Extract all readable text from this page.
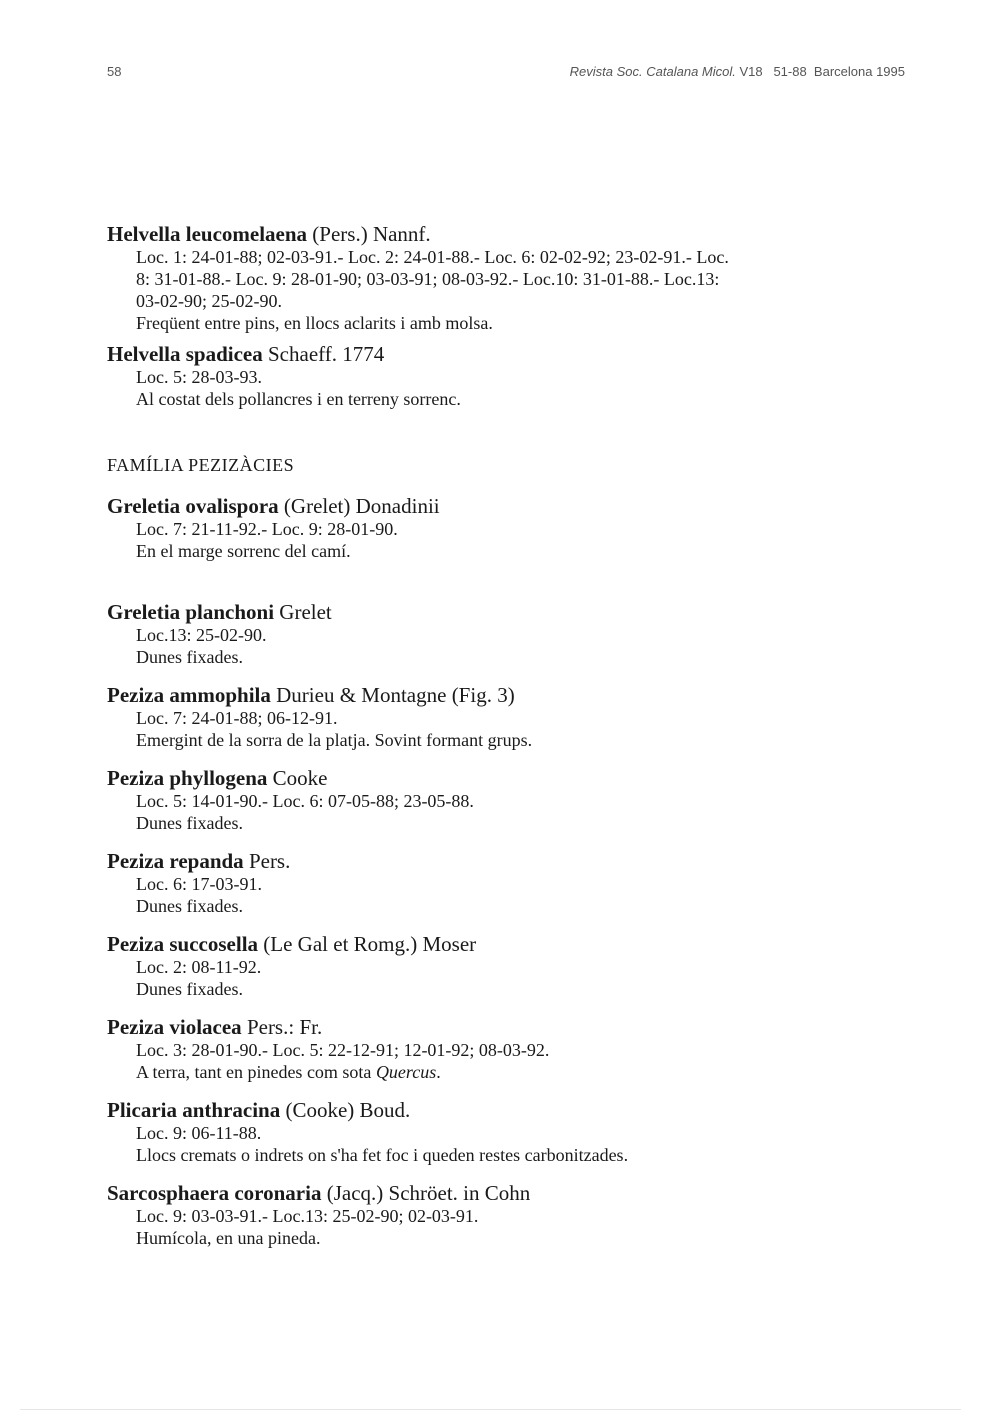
58	Revista Soc. Catalana Micol. V18   51-88  Barcelona 1995
Helvella leucomelaena (Pers.) Nannf.
Loc. 1: 24-01-88; 02-03-91.- Loc. 2: 24-01-88.- Loc. 6: 02-02-92; 23-02-91.- Loc.
8: 31-01-88.- Loc. 9: 28-01-90; 03-03-91; 08-03-92.- Loc.10: 31-01-88.- Loc.13:
03-02-90; 25-02-90.
Freqüent entre pins, en llocs aclarits i amb molsa.
Helvella spadicea Schaeff. 1774
Loc. 5: 28-03-93.
Al costat dels pollancres i en terreny sorrenc.
FAMÍLIA PEZIZÀCIES
Greletia ovalispora (Grelet) Donadinii
Loc. 7: 21-11-92.- Loc. 9: 28-01-90.
En el marge sorrenc del camí.
Greletia planchoni Grelet
Loc.13: 25-02-90.
Dunes fixades.
Peziza ammophila Durieu & Montagne (Fig. 3)
Loc. 7: 24-01-88; 06-12-91.
Emergint de la sorra de la platja. Sovint formant grups.
Peziza phyllogena Cooke
Loc. 5: 14-01-90.- Loc. 6: 07-05-88; 23-05-88.
Dunes fixades.
Peziza repanda Pers.
Loc. 6: 17-03-91.
Dunes fixades.
Peziza succosella (Le Gal et Romg.) Moser
Loc. 2: 08-11-92.
Dunes fixades.
Peziza violacea Pers.: Fr.
Loc. 3: 28-01-90.- Loc. 5: 22-12-91; 12-01-92; 08-03-92.
A terra, tant en pinedes com sota Quercus.
Plicaria anthracina (Cooke) Boud.
Loc. 9: 06-11-88.
Llocs cremats o indrets on s'ha fet foc i queden restes carbonitzades.
Sarcosphaera coronaria (Jacq.) Schröet. in Cohn
Loc. 9: 03-03-91.- Loc.13: 25-02-90; 02-03-91.
Humícola, en una pineda.
